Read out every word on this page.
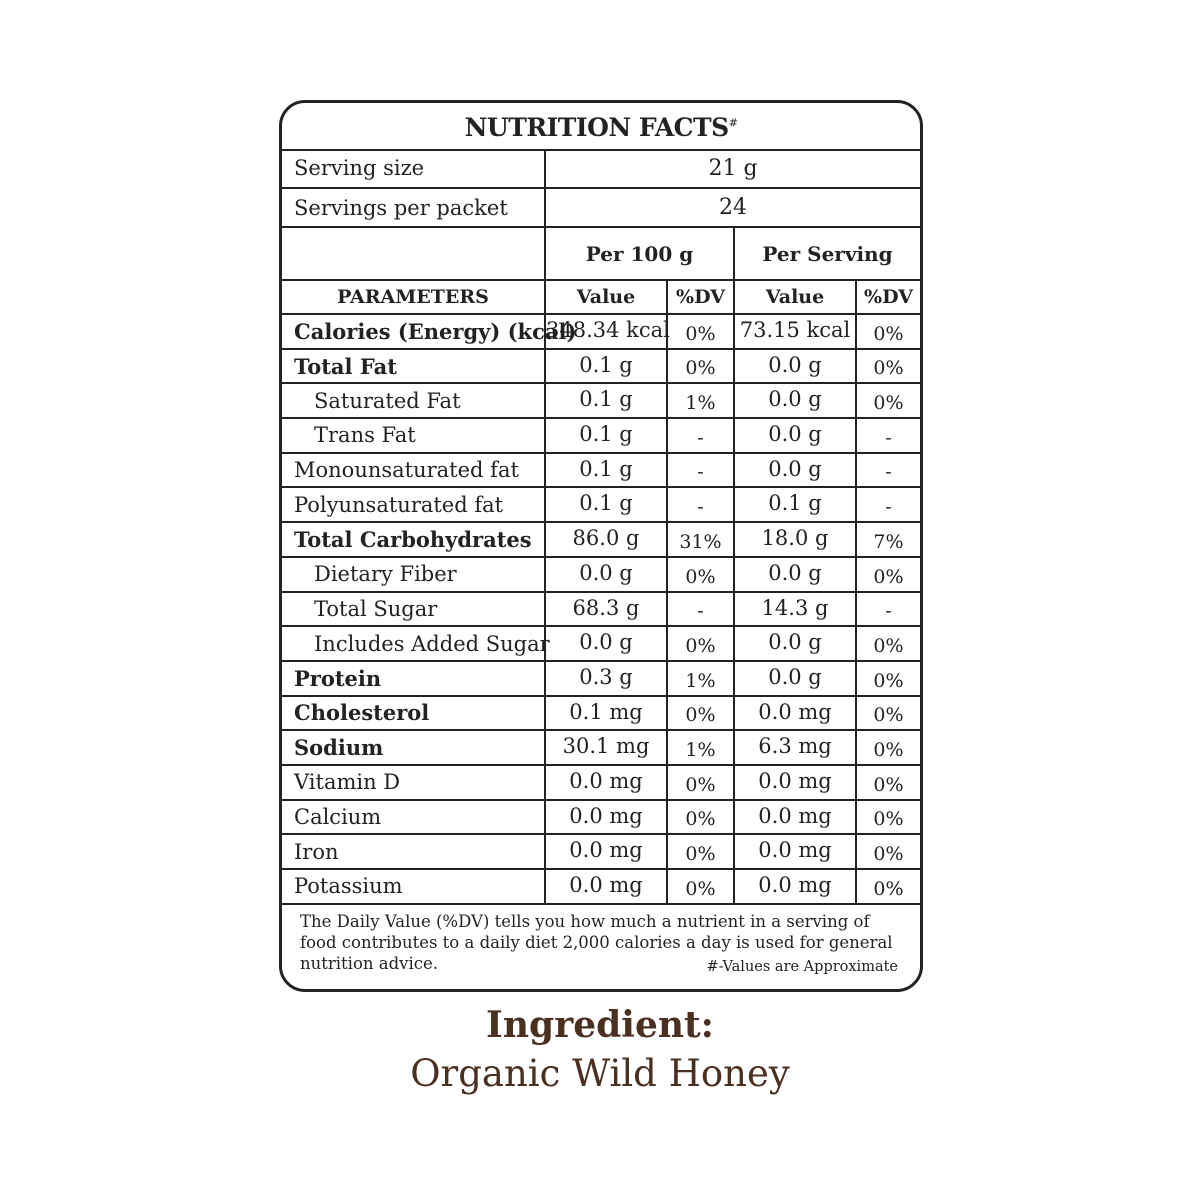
NUTRITION FACTS#
Serving size	21 g			
Servings per packet	24			
	Per 100 g		Per Serving	
PARAMETERS	Value	%DV	Value	%DV
Calories (Energy) (kcal)	348.34 kcal	0%	73.15 kcal	0%
Total Fat	0.1 g	0%	0.0 g	0%
Saturated Fat	0.1 g	1%	0.0 g	0%
Trans Fat	0.1 g	-	0.0 g	-
Monounsaturated fat	0.1 g	-	0.0 g	-
Polyunsaturated fat	0.1 g	-	0.1 g	-
Total Carbohydrates	86.0 g	31%	18.0 g	7%
Dietary Fiber	0.0 g	0%	0.0 g	0%
Total Sugar	68.3 g	-	14.3 g	-
Includes Added Sugar	0.0 g	0%	0.0 g	0%
Protein	0.3 g	1%	0.0 g	0%
Cholesterol	0.1 mg	0%	0.0 mg	0%
Sodium	30.1 mg	1%	6.3 mg	0%
Vitamin D	0.0 mg	0%	0.0 mg	0%
Calcium	0.0 mg	0%	0.0 mg	0%
Iron	0.0 mg	0%	0.0 mg	0%
Potassium	0.0 mg	0%	0.0 mg	0%
The Daily Value (%DV) tells you how much a nutrient in a serving of food contributes to a daily diet 2,000 calories a day is used for general nutrition advice.	#-Values are Approximate
Ingredient:
Organic Wild Honey
